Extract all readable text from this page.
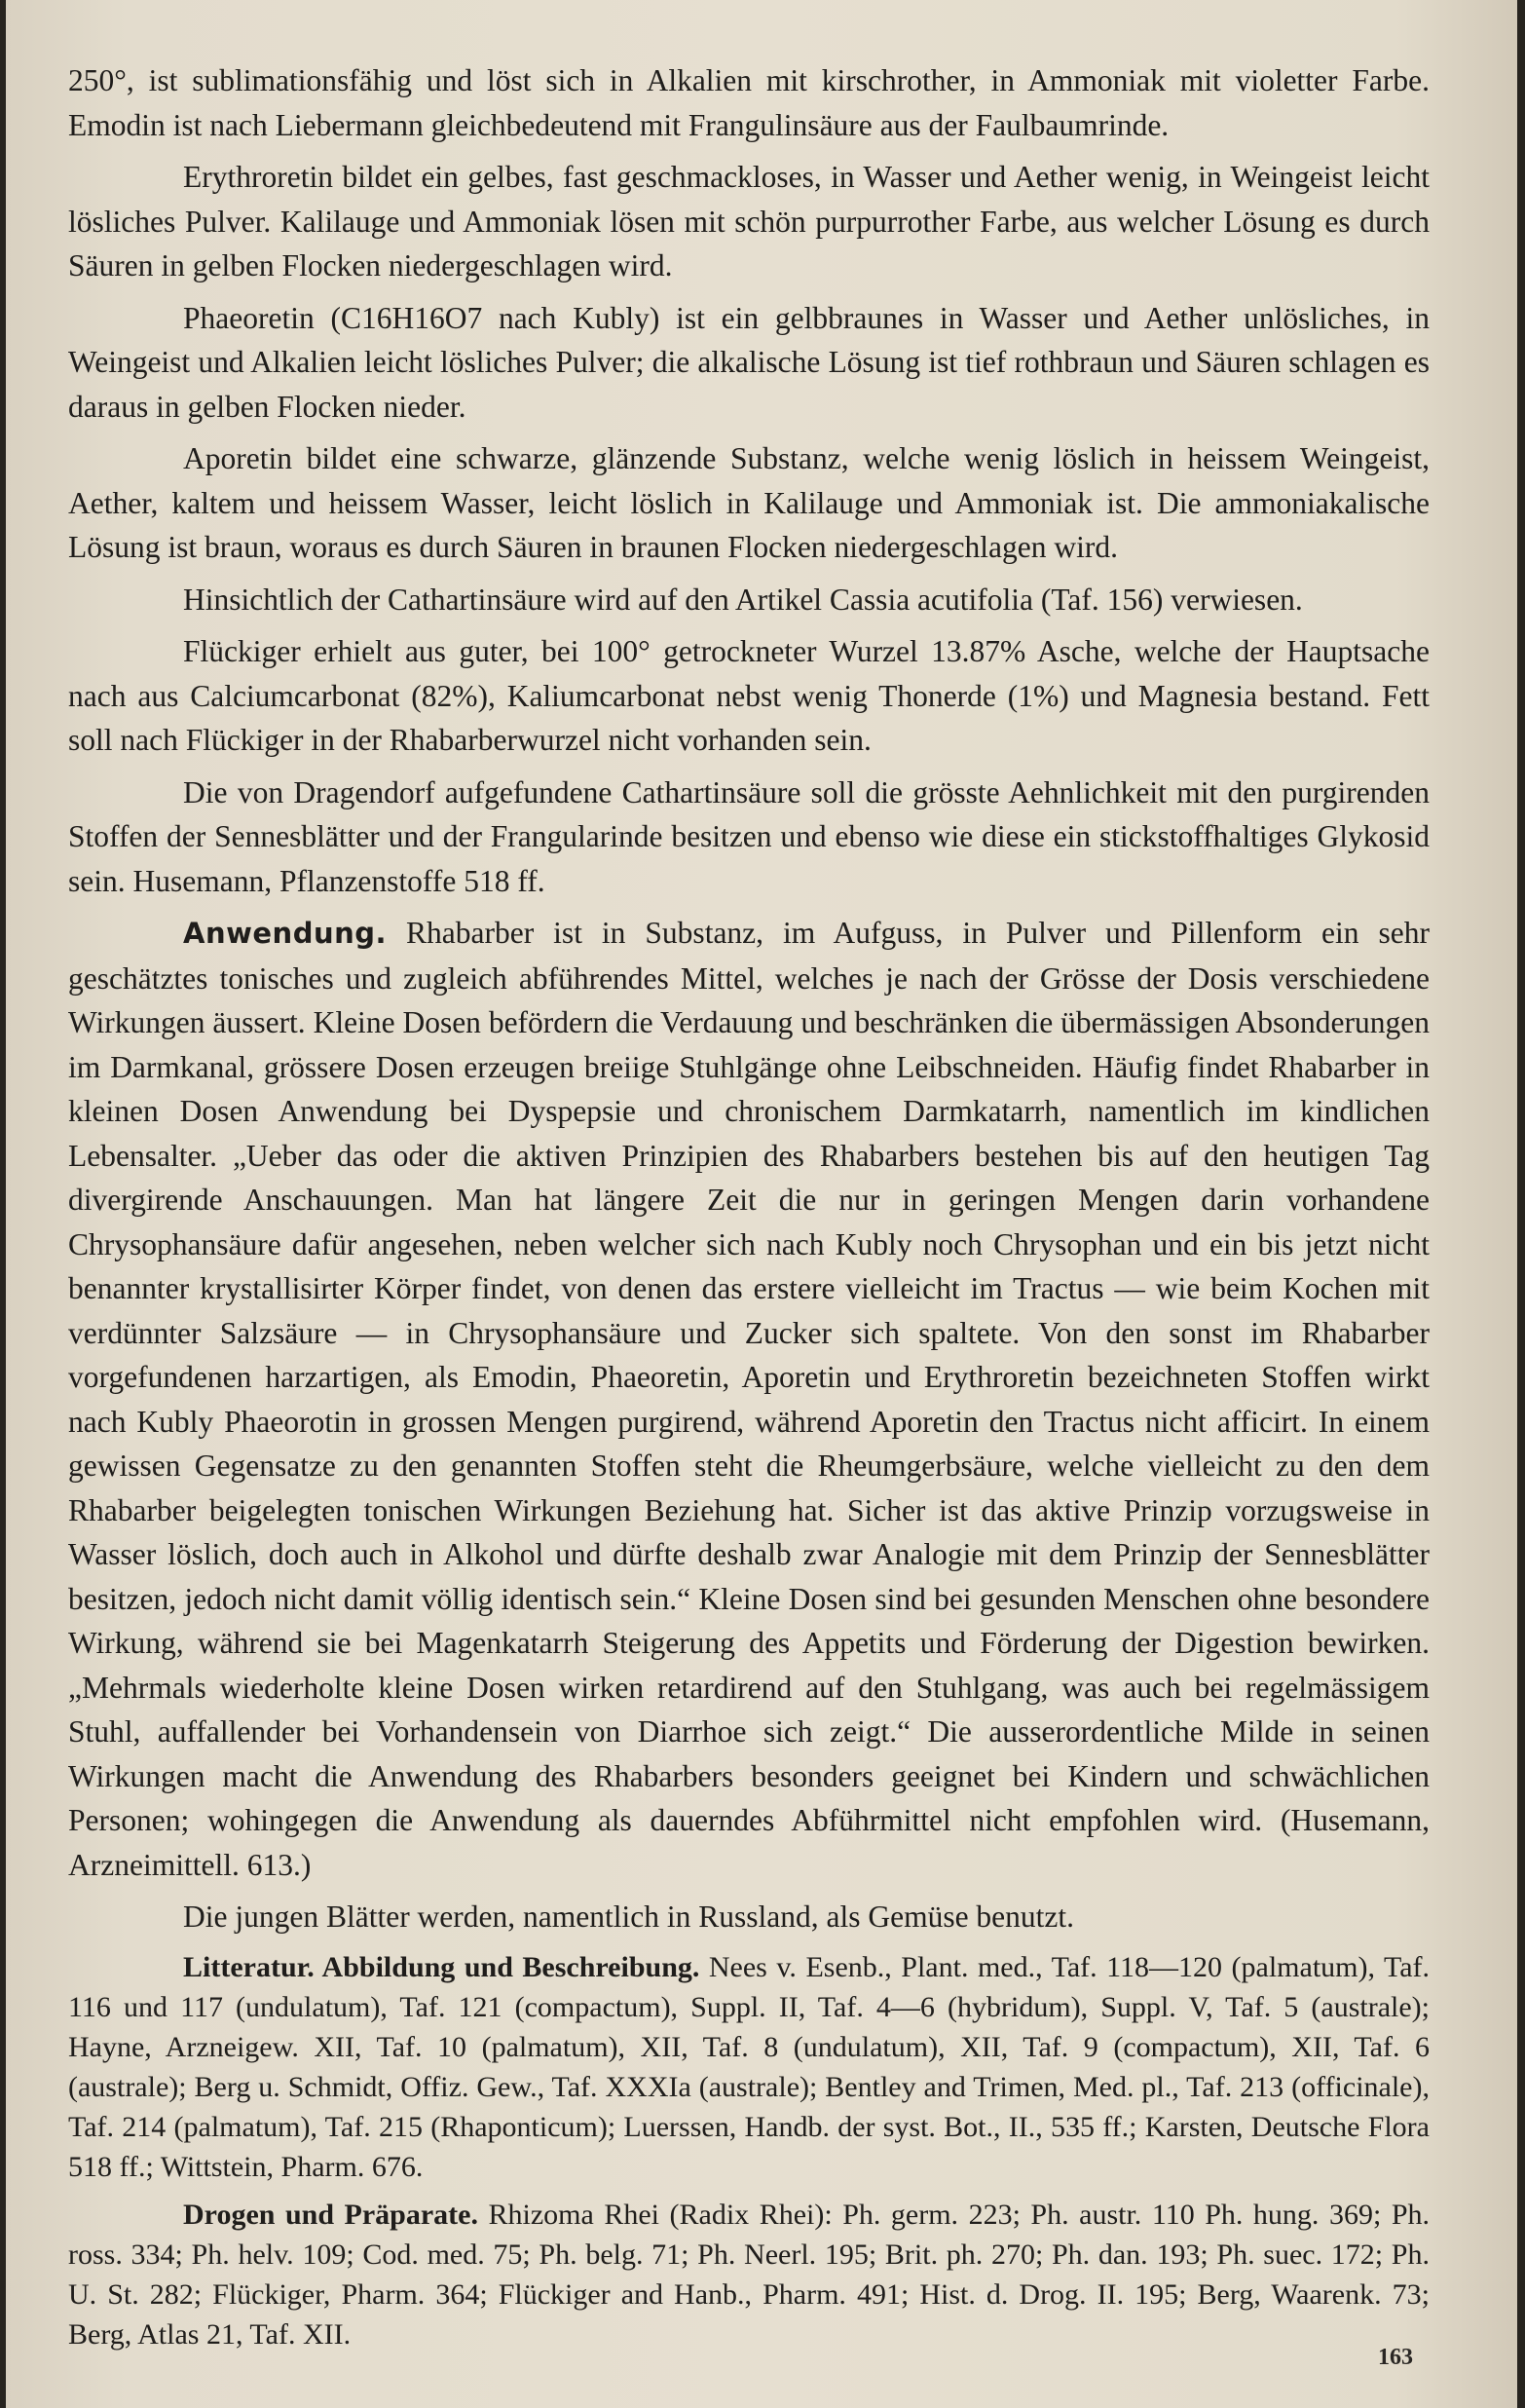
250°, ist sublimationsfähig und löst sich in Alkalien mit kirschrother, in Ammoniak mit violetter Farbe. Emodin ist nach Liebermann gleichbedeutend mit Frangulinsäure aus der Faulbaumrinde.

Erythroretin bildet ein gelbes, fast geschmackloses, in Wasser und Aether wenig, in Weingeist leicht lösliches Pulver. Kalilauge und Ammoniak lösen mit schön purpurrother Farbe, aus welcher Lösung es durch Säuren in gelben Flocken niedergeschlagen wird.

Phaeoretin (C16H16O7 nach Kubly) ist ein gelbbraunes in Wasser und Aether unlösliches, in Weingeist und Alkalien leicht lösliches Pulver; die alkalische Lösung ist tief rothbraun und Säuren schlagen es daraus in gelben Flocken nieder.

Aporetin bildet eine schwarze, glänzende Substanz, welche wenig löslich in heissem Weingeist, Aether, kaltem und heissem Wasser, leicht löslich in Kalilauge und Ammoniak ist. Die ammoniakalische Lösung ist braun, woraus es durch Säuren in braunen Flocken niedergeschlagen wird.

Hinsichtlich der Cathartinsäure wird auf den Artikel Cassia acutifolia (Taf. 156) verwiesen.

Flückiger erhielt aus guter, bei 100° getrockneter Wurzel 13.87% Asche, welche der Hauptsache nach aus Calciumcarbonat (82%), Kaliumcarbonat nebst wenig Thonerde (1%) und Magnesia bestand. Fett soll nach Flückiger in der Rhabarberwurzel nicht vorhanden sein.

Die von Dragendorf aufgefundene Cathartinsäure soll die grösste Aehnlichkeit mit den purgirenden Stoffen der Sennesblätter und der Frangularinde besitzen und ebenso wie diese ein stickstoffhaltiges Glykosid sein. Husemann, Pflanzenstoffe 518 ff.

Anwendung. Rhabarber ist in Substanz, im Aufguss, in Pulver und Pillenform ein sehr geschätztes tonisches und zugleich abführendes Mittel, welches je nach der Grösse der Dosis verschiedene Wirkungen äussert. Kleine Dosen befördern die Verdauung und beschränken die übermässigen Absonderungen im Darmkanal, grössere Dosen erzeugen breiige Stuhlgänge ohne Leibschneiden. Häufig findet Rhabarber in kleinen Dosen Anwendung bei Dyspepsie und chronischem Darmkatarrh, namentlich im kindlichen Lebensalter. „Ueber das oder die aktiven Prinzipien des Rhabarbers bestehen bis auf den heutigen Tag divergirende Anschauungen. Man hat längere Zeit die nur in geringen Mengen darin vorhandene Chrysophansäure dafür angesehen, neben welcher sich nach Kubly noch Chrysophan und ein bis jetzt nicht benannter krystallisirter Körper findet, von denen das erstere vielleicht im Tractus — wie beim Kochen mit verdünnter Salzsäure — in Chrysophansäure und Zucker sich spaltete. Von den sonst im Rhabarber vorgefundenen harzartigen, als Emodin, Phaeoretin, Aporetin und Erythroretin bezeichneten Stoffen wirkt nach Kubly Phaeorotin in grossen Mengen purgirend, während Aporetin den Tractus nicht afficirt. In einem gewissen Gegensatze zu den genannten Stoffen steht die Rheumgerbsäure, welche vielleicht zu den dem Rhabarber beigelegten tonischen Wirkungen Beziehung hat. Sicher ist das aktive Prinzip vorzugsweise in Wasser löslich, doch auch in Alkohol und dürfte deshalb zwar Analogie mit dem Prinzip der Sennesblätter besitzen, jedoch nicht damit völlig identisch sein.“ Kleine Dosen sind bei gesunden Menschen ohne besondere Wirkung, während sie bei Magenkatarrh Steigerung des Appetits und Förderung der Digestion bewirken. „Mehrmals wiederholte kleine Dosen wirken retardirend auf den Stuhlgang, was auch bei regelmässigem Stuhl, auffallender bei Vorhandensein von Diarrhoe sich zeigt.“ Die ausserordentliche Milde in seinen Wirkungen macht die Anwendung des Rhabarbers besonders geeignet bei Kindern und schwächlichen Personen; wohingegen die Anwendung als dauerndes Abführmittel nicht empfohlen wird. (Husemann, Arzneimittell. 613.)

Die jungen Blätter werden, namentlich in Russland, als Gemüse benutzt.

Litteratur. Abbildung und Beschreibung. Nees v. Esenb., Plant. med., Taf. 118—120 (palmatum), Taf. 116 und 117 (undulatum), Taf. 121 (compactum), Suppl. II, Taf. 4—6 (hybridum), Suppl. V, Taf. 5 (australe); Hayne, Arzneigew. XII, Taf. 10 (palmatum), XII, Taf. 8 (undulatum), XII, Taf. 9 (compactum), XII, Taf. 6 (australe); Berg u. Schmidt, Offiz. Gew., Taf. XXXIa (australe); Bentley and Trimen, Med. pl., Taf. 213 (officinale), Taf. 214 (palmatum), Taf. 215 (Rhaponticum); Luerssen, Handb. der syst. Bot., II., 535 ff.; Karsten, Deutsche Flora 518 ff.; Wittstein, Pharm. 676.

Drogen und Präparate. Rhizoma Rhei (Radix Rhei): Ph. germ. 223; Ph. austr. 110 Ph. hung. 369; Ph. ross. 334; Ph. helv. 109; Cod. med. 75; Ph. belg. 71; Ph. Neerl. 195; Brit. ph. 270; Ph. dan. 193; Ph. suec. 172; Ph. U. St. 282; Flückiger, Pharm. 364; Flückiger and Hanb., Pharm. 491; Hist. d. Drog. II. 195; Berg, Waarenk. 73; Berg, Atlas 21, Taf. XII.

163
